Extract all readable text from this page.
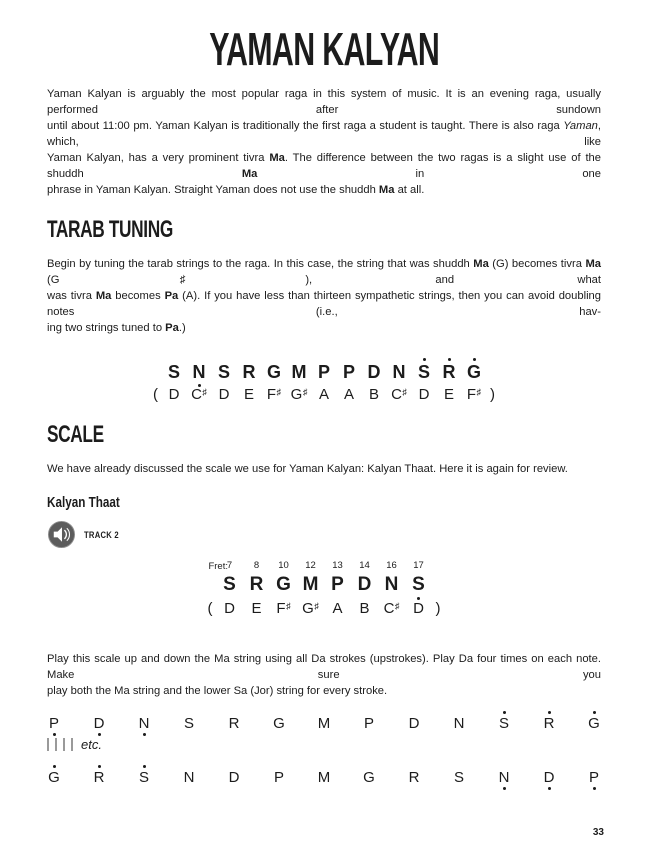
YAMAN KALYAN
Yaman Kalyan is arguably the most popular raga in this system of music. It is an evening raga, usually performed after sundown
until about 11:00 pm. Yaman Kalyan is traditionally the first raga a student is taught. There is also raga Yaman, which, like
Yaman Kalyan, has a very prominent tivra Ma. The difference between the two ragas is a slight use of the shuddh Ma in one
phrase in Yaman Kalyan. Straight Yaman does not use the shuddh Ma at all.
TARAB TUNING
Begin by tuning the tarab strings to the raga. In this case, the string that was shuddh Ma (G) becomes tivra Ma (G♯), and what
was tivra Ma becomes Pa (A). If you have less than thirteen sympathetic strings, then you can avoid doubling notes (i.e., hav-
ing two strings tuned to Pa.)
S N S R G M P P D N S R G
( D C♯ D E F♯ G♯ A A B C♯ D E F♯ )
SCALE
We have already discussed the scale we use for Yaman Kalyan: Kalyan Thaat. Here it is again for review.
Kalyan Thaat
TRACK 2
Fret:
7	8	10	12	13	14	16	17
S R G M P D N S
( D	E F♯ G♯ A	B C♯ D )
Play this scale up and down the Ma string using all Da strokes (upstrokes). Play Da four times on each note. Make sure you
play both the Ma string and the lower Sa (Jor) string for every stroke.
P D N S R G M P D N S R G
etc.
G R S N D P M G R S N D P
33
